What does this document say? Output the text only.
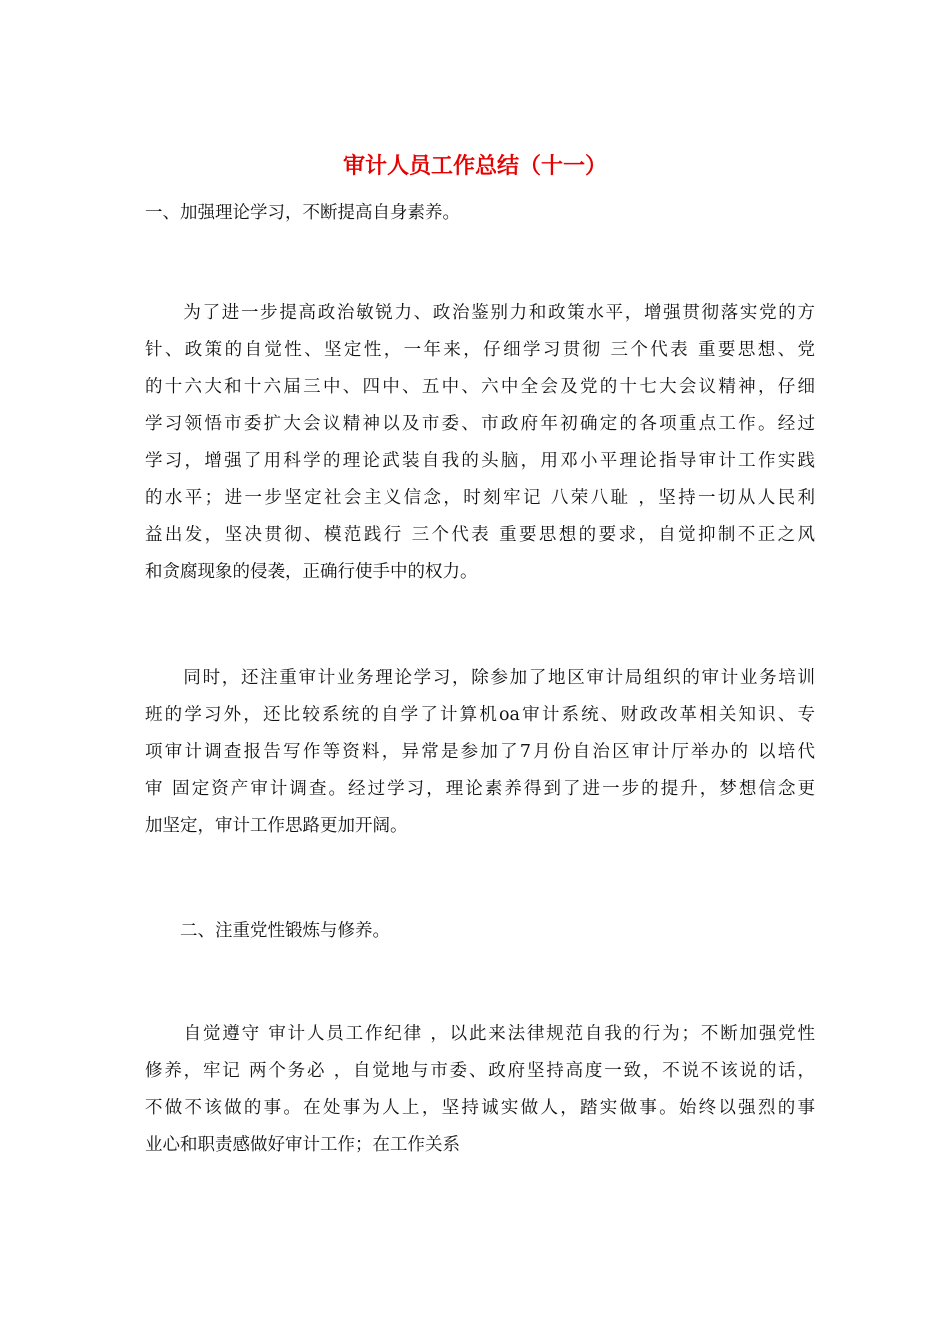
审计人员工作总结（十一）

一、加强理论学习，不断提高自身素养。

　　为了进一步提高政治敏锐力、政治鉴别力和政策水平，增强贯彻落实党的方
针、政策的自觉性、坚定性，一年来，仔细学习贯彻 三个代表 重要思想、党
的十六大和十六届三中、四中、五中、六中全会及党的十七大会议精神，仔细
学习领悟市委扩大会议精神以及市委、市政府年初确定的各项重点工作。经过
学习，增强了用科学的理论武装自我的头脑，用邓小平理论指导审计工作实践
的水平；进一步坚定社会主义信念，时刻牢记 八荣八耻 ，坚持一切从人民利
益出发，坚决贯彻、模范践行 三个代表 重要思想的要求，自觉抑制不正之风
和贪腐现象的侵袭，正确行使手中的权力。
　　同时，还注重审计业务理论学习，除参加了地区审计局组织的审计业务培训
班的学习外，还比较系统的自学了计算机oa审计系统、财政改革相关知识、专
项审计调查报告写作等资料，异常是参加了7月份自治区审计厅举办的 以培代
审 固定资产审计调查。经过学习，理论素养得到了进一步的提升，梦想信念更
加坚定，审计工作思路更加开阔。

　　二、注重党性锻炼与修养。

　　自觉遵守 审计人员工作纪律 ，以此来法律规范自我的行为；不断加强党性
修养，牢记 两个务必 ，自觉地与市委、政府坚持高度一致，不说不该说的话，
不做不该做的事。在处事为人上，坚持诚实做人，踏实做事。始终以强烈的事
业心和职责感做好审计工作；在工作关系
